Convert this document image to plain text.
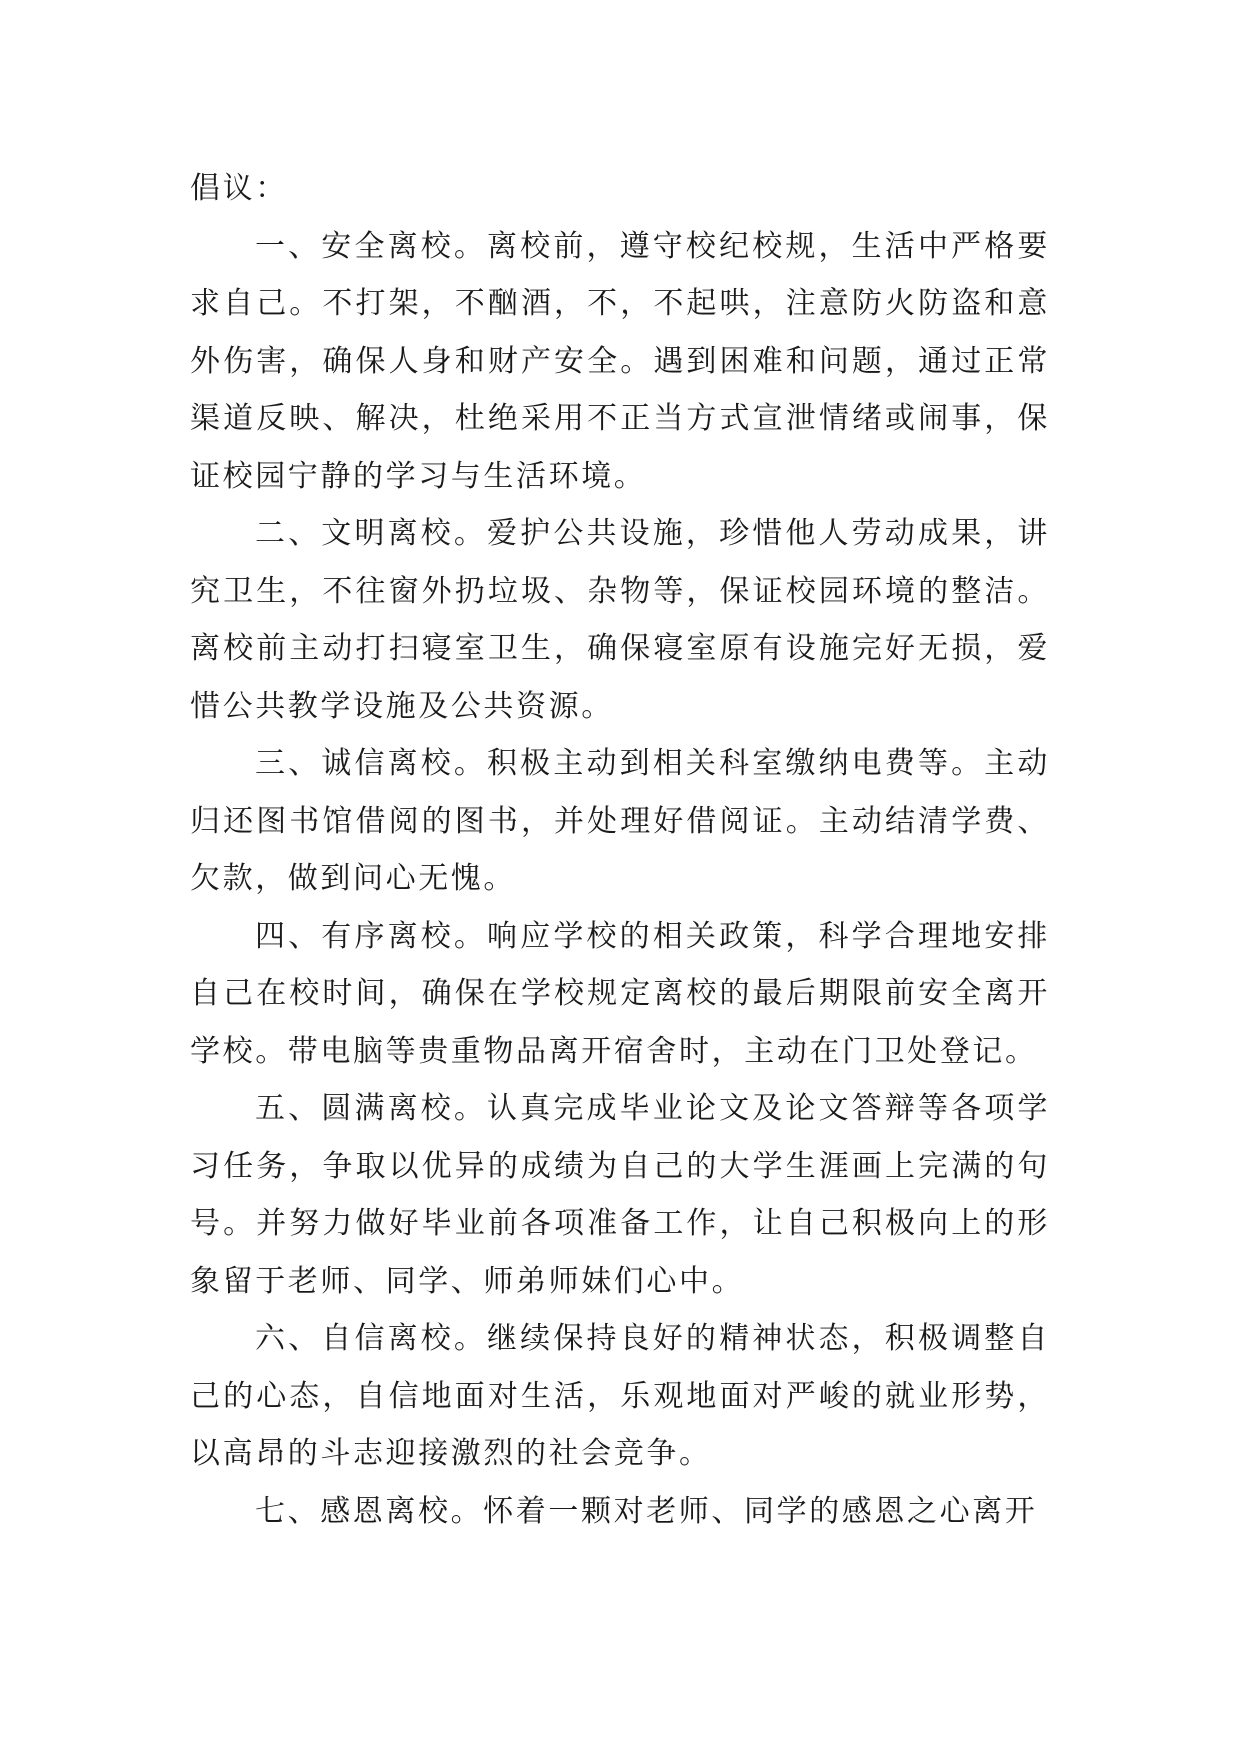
倡议：

一、安全离校。离校前，遵守校纪校规，生活中严格要求自己。不打架，不酗酒，不，不起哄，注意防火防盗和意外伤害，确保人身和财产安全。遇到困难和问题，通过正常渠道反映、解决，杜绝采用不正当方式宣泄情绪或闹事，保证校园宁静的学习与生活环境。

二、文明离校。爱护公共设施，珍惜他人劳动成果，讲究卫生，不往窗外扔垃圾、杂物等，保证校园环境的整洁。离校前主动打扫寝室卫生，确保寝室原有设施完好无损，爱惜公共教学设施及公共资源。

三、诚信离校。积极主动到相关科室缴纳电费等。主动归还图书馆借阅的图书，并处理好借阅证。主动结清学费、欠款，做到问心无愧。

四、有序离校。响应学校的相关政策，科学合理地安排自己在校时间，确保在学校规定离校的最后期限前安全离开学校。带电脑等贵重物品离开宿舍时，主动在门卫处登记。

五、圆满离校。认真完成毕业论文及论文答辩等各项学习任务，争取以优异的成绩为自己的大学生涯画上完满的句号。并努力做好毕业前各项准备工作，让自己积极向上的形象留于老师、同学、师弟师妹们心中。

六、自信离校。继续保持良好的精神状态，积极调整自己的心态，自信地面对生活，乐观地面对严峻的就业形势，以高昂的斗志迎接激烈的社会竞争。

七、感恩离校。怀着一颗对老师、同学的感恩之心离开
